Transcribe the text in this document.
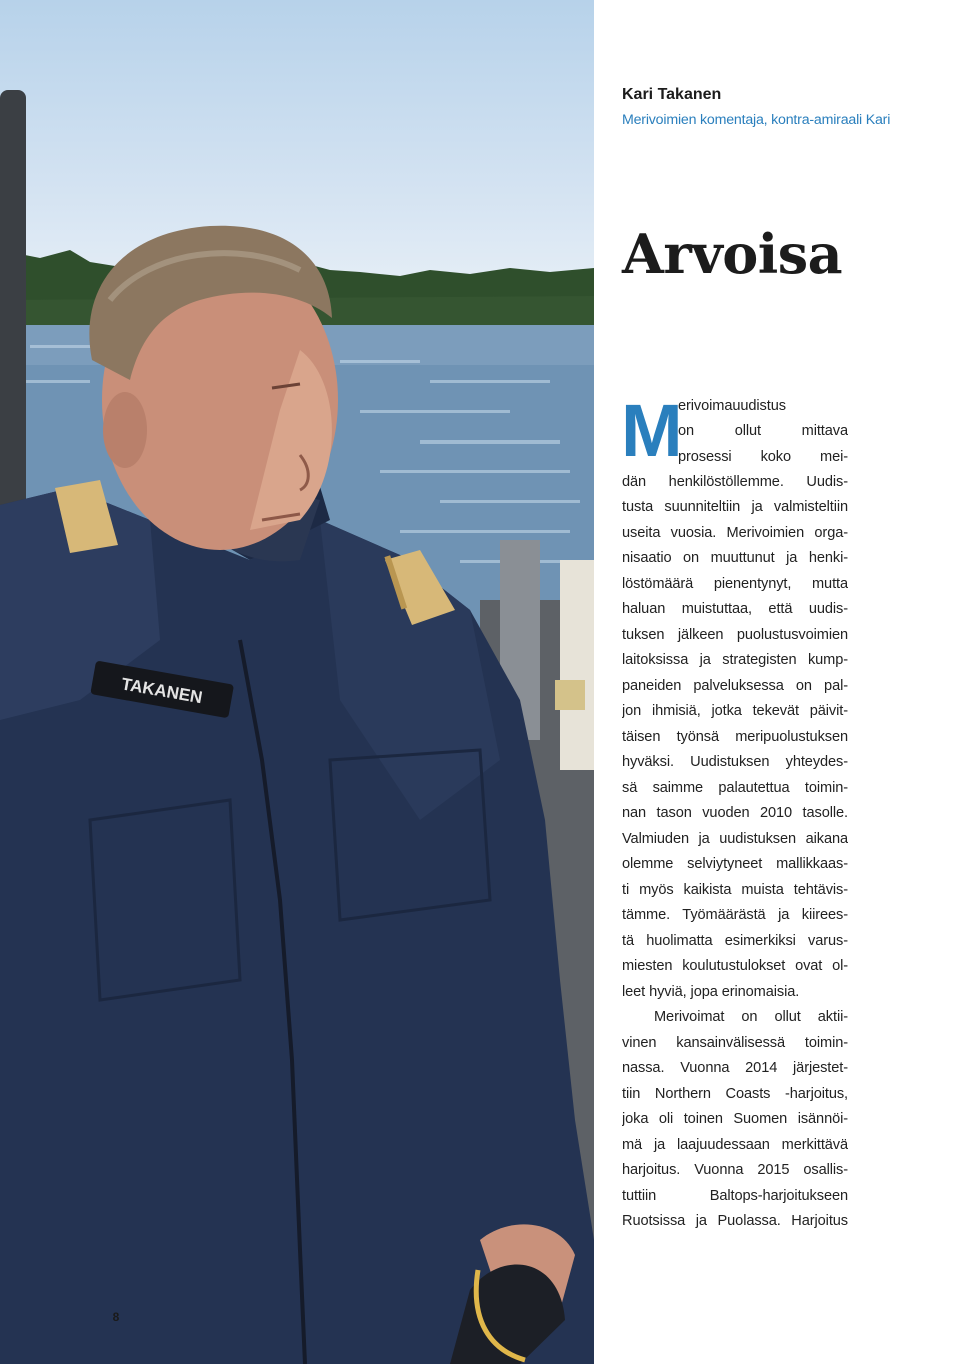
TAKANEN
8
Kari Takanen
Merivoimien komentaja, kontra-amiraali Kari
Arvoisa
M
erivoimauudistus
on ollut mittava
prosessi koko mei-
dän henkilöstöllemme. Uudis-
tusta suunniteltiin ja valmisteltiin
useita vuosia. Merivoimien orga-
nisaatio on muuttunut ja henki-
löstömäärä pienentynyt, mutta
haluan muistuttaa, että uudis-
tuksen jälkeen puolustusvoimien
laitoksissa ja strategisten kump-
paneiden palveluksessa on pal-
jon ihmisiä, jotka tekevät päivit-
täisen työnsä meripuolustuksen
hyväksi. Uudistuksen yhteydes-
sä saimme palautettua toimin-
nan tason vuoden 2010 tasolle.
Valmiuden ja uudistuksen aikana
olemme selviytyneet mallikkaas-
ti myös kaikista muista tehtävis-
tämme. Työmäärästä ja kiirees-
tä huolimatta esimerkiksi varus-
miesten koulutustulokset ovat ol-
leet hyviä, jopa erinomaisia.
Merivoimat on ollut aktii-
vinen kansainvälisessä toimin-
nassa. Vuonna 2014 järjestet-
tiin Northern Coasts -harjoitus,
joka oli toinen Suomen isännöi-
mä ja laajuudessaan merkittävä
harjoitus. Vuonna 2015 osallis-
tuttiin Baltops-harjoitukseen
Ruotsissa ja Puolassa. Harjoitus
